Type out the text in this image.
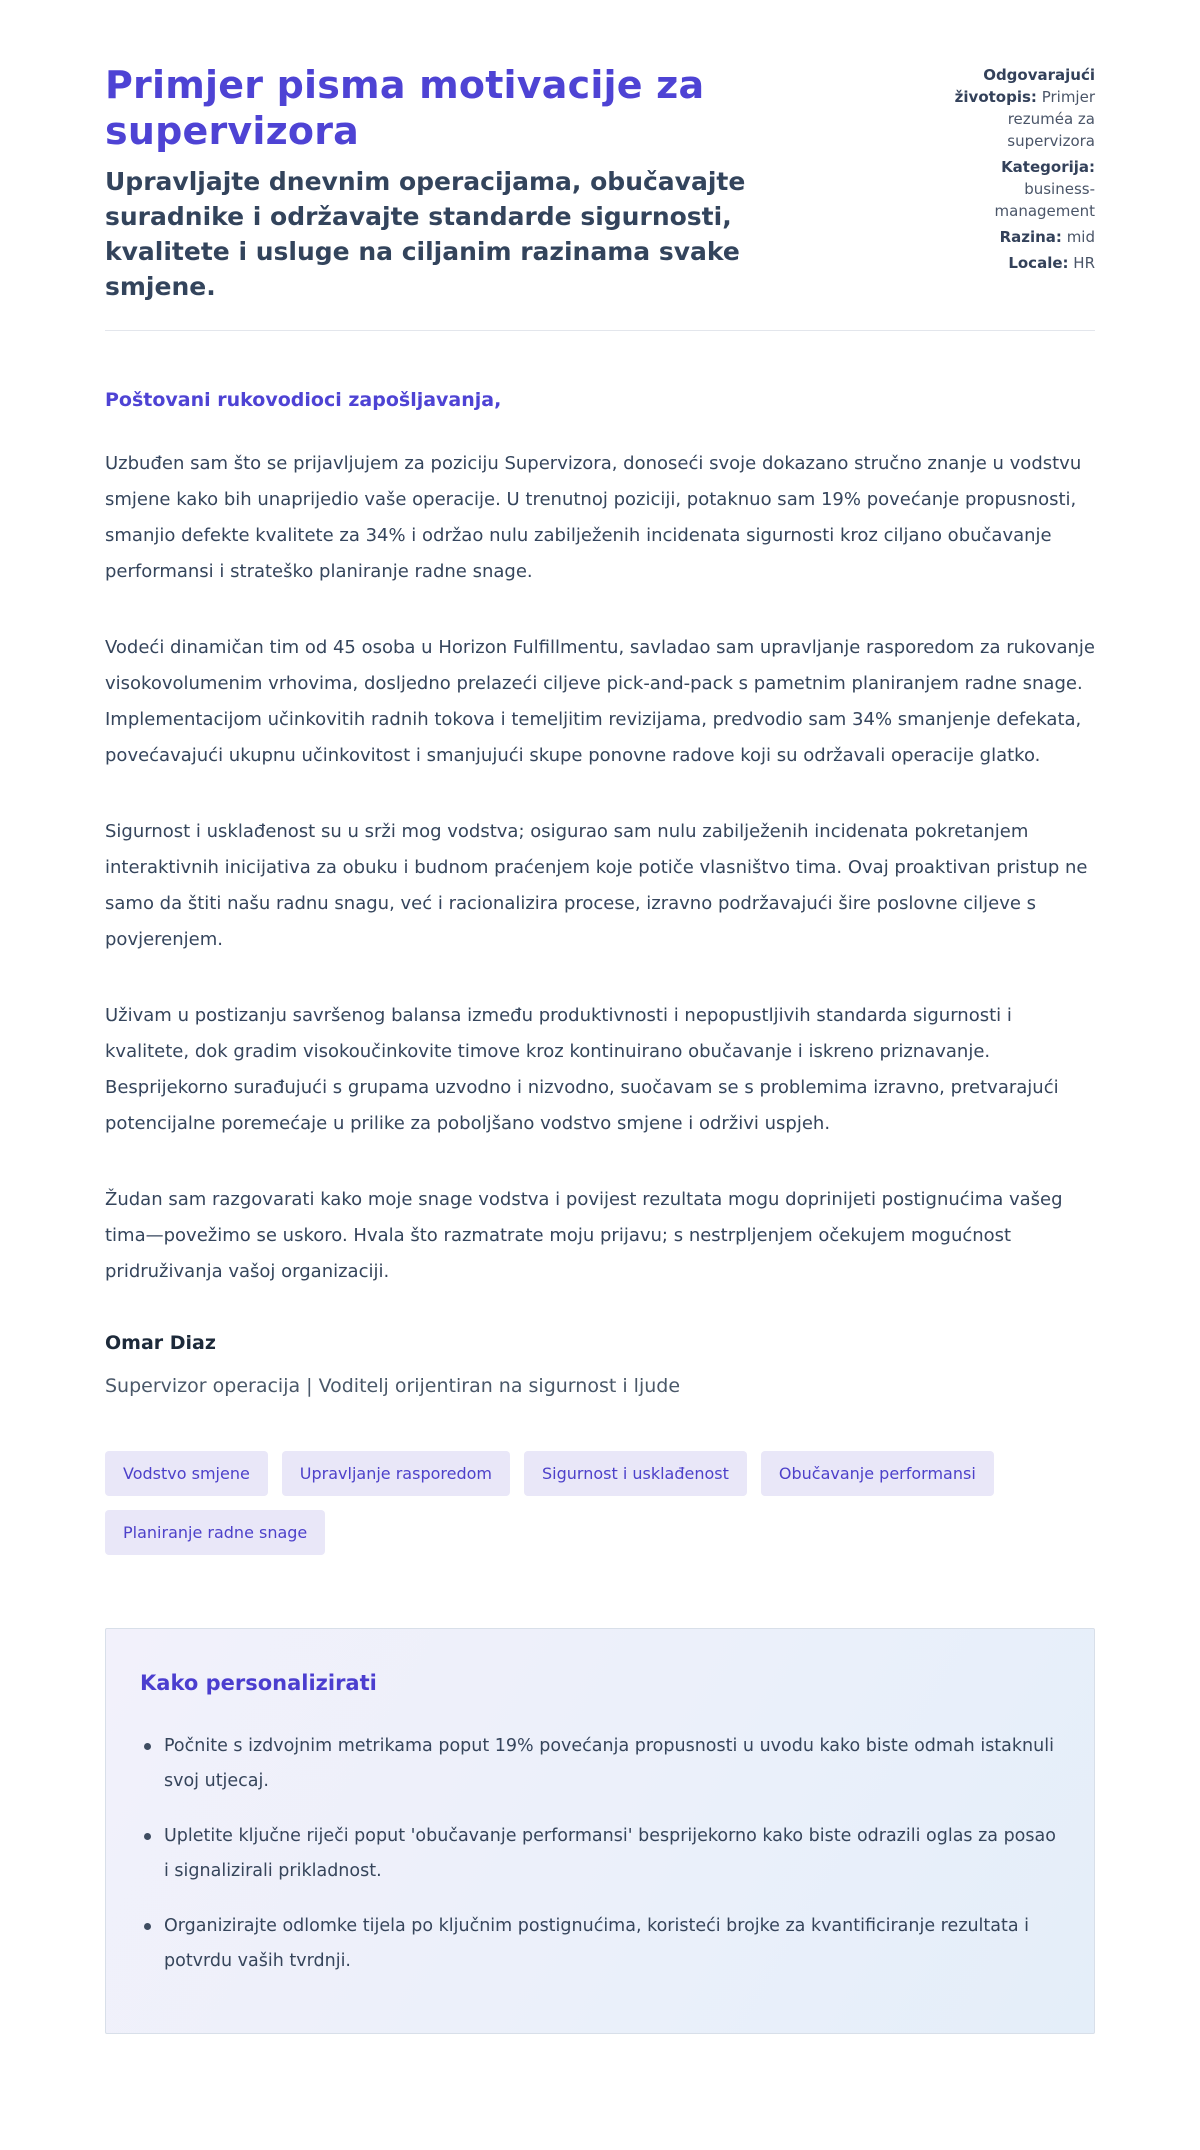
Primjer pisma motivacije za supervizora
Upravljajte dnevnim operacijama, obučavajte suradnike i održavajte standarde sigurnosti, kvalitete i usluge na ciljanim razinama svake smjene.
Odgovarajući životopis: Primjer rezuméa za supervizora
Kategorija: business-management
Razina: mid
Locale: HR
Poštovani rukovodioci zapošljavanja,

Uzbuđen sam što se prijavljujem za poziciju Supervizora, donoseći svoje dokazano stručno znanje u vodstvu smjene kako bih unaprijedio vaše operacije. U trenutnoj poziciji, potaknuo sam 19% povećanje propusnosti, smanjio defekte kvalitete za 34% i održao nulu zabilježenih incidenata sigurnosti kroz ciljano obučavanje performansi i strateško planiranje radne snage.

Vodeći dinamičan tim od 45 osoba u Horizon Fulfillmentu, savladao sam upravljanje rasporedom za rukovanje visokovolumenim vrhovima, dosljedno prelazeći ciljeve pick-and-pack s pametnim planiranjem radne snage. Implementacijom učinkovitih radnih tokova i temeljitim revizijama, predvodio sam 34% smanjenje defekata, povećavajući ukupnu učinkovitost i smanjujući skupe ponovne radove koji su održavali operacije glatko.

Sigurnost i usklađenost su u srži mog vodstva; osigurao sam nulu zabilježenih incidenata pokretanjem interaktivnih inicijativa za obuku i budnom praćenjem koje potiče vlasništvo tima. Ovaj proaktivan pristup ne samo da štiti našu radnu snagu, već i racionalizira procese, izravno podržavajući šire poslovne ciljeve s povjerenjem.

Uživam u postizanju savršenog balansa između produktivnosti i nepopustljivih standarda sigurnosti i kvalitete, dok gradim visokoučinkovite timove kroz kontinuirano obučavanje i iskreno priznavanje. Besprijekorno surađujući s grupama uzvodno i nizvodno, suočavam se s problemima izravno, pretvarajući potencijalne poremećaje u prilike za poboljšano vodstvo smjene i održivi uspjeh.

Žudan sam razgovarati kako moje snage vodstva i povijest rezultata mogu doprinijeti postignućima vašeg tima—povežimo se uskoro. Hvala što razmatrate moju prijavu; s nestrpljenjem očekujem mogućnost pridruživanja vašoj organizaciji.

Omar Diaz
Supervizor operacija | Voditelj orijentiran na sigurnost i ljude
Vodstvo smjene	Upravljanje rasporedom	Sigurnost i usklađenost	Obučavanje performansi
Planiranje radne snage
Kako personalizirati
Počnite s izdvojnim metrikama poput 19% povećanja propusnosti u uvodu kako biste odmah istaknuli svoj utjecaj.
Upletite ključne riječi poput 'obučavanje performansi' besprijekorno kako biste odrazili oglas za posao i signalizirali prikladnost.
Organizirajte odlomke tijela po ključnim postignućima, koristeći brojke za kvantificiranje rezultata i potvrdu vaših tvrdnji.
